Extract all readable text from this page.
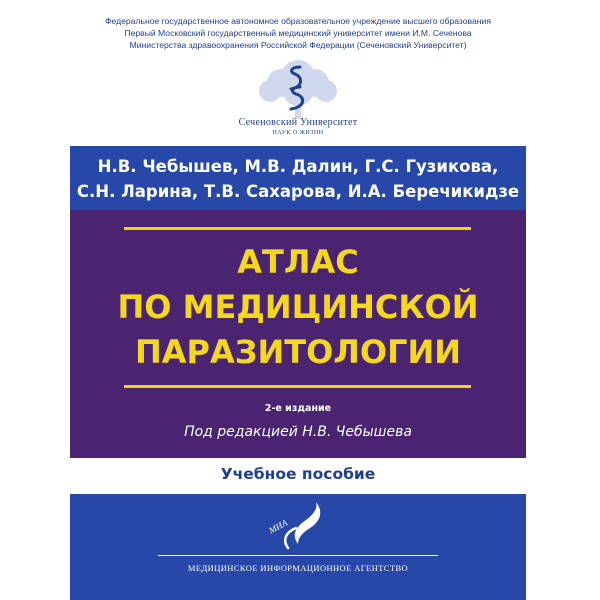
Федеральное государственное автономное образовательное учреждение высшего образования
Первый Московский государственный медицинский университет имени И.М. Сеченова
Министерства здравоохранения Российской Федерации (Сеченовский Университет)
Сеченовский Университет
НАУК О ЖИЗНИ
Н.В. Чебышев, М.В. Далин, Г.С. Гузикова,
С.Н. Ларина, Т.В. Сахарова, И.А. Беречикидзе
АТЛАС
ПО МЕДИЦИНСКОЙ
ПАРАЗИТОЛОГИИ
2-е издание
Под редакцией Н.В. Чебышева
Учебное пособие
МИА
МЕДИЦИНСКОЕ ИНФОРМАЦИОННОЕ АГЕНТСТВО
